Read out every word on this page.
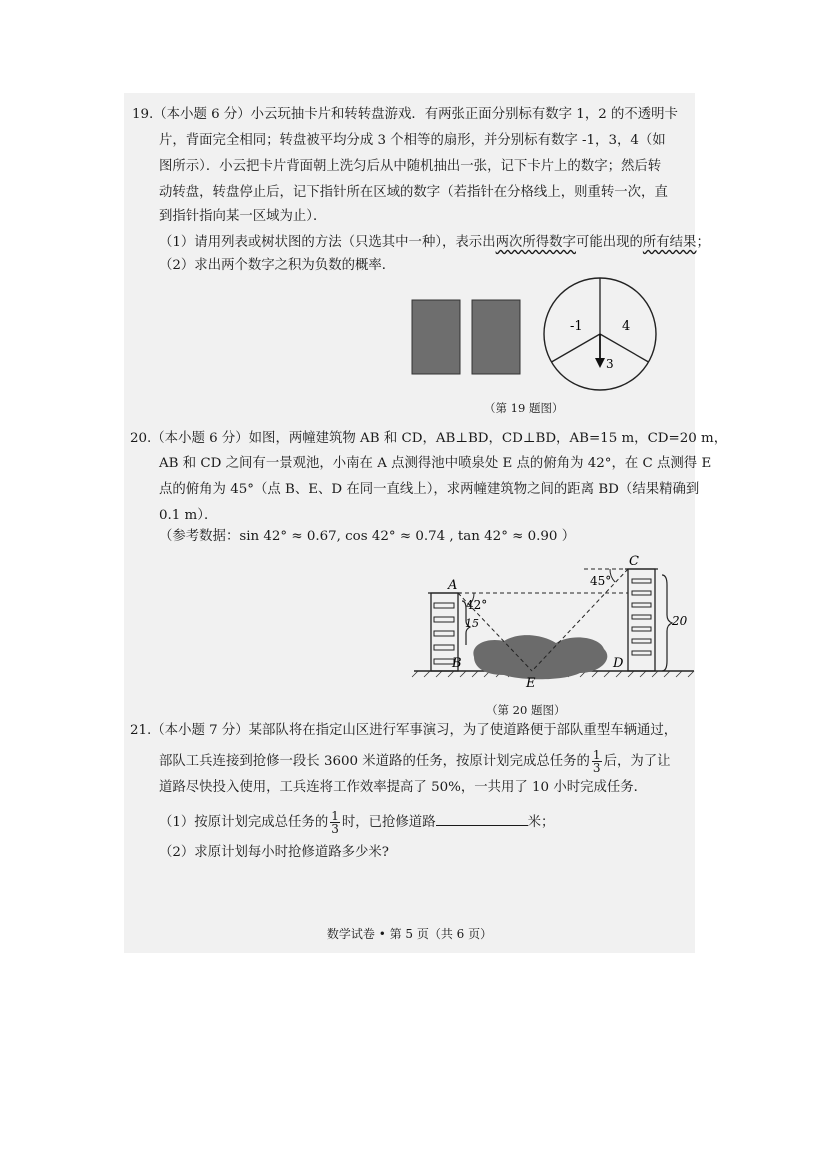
19.（本小题 6 分）小云玩抽卡片和转转盘游戏．有两张正面分别标有数字 1，2 的不透明卡
片，背面完全相同；转盘被平均分成 3 个相等的扇形，并分别标有数字 -1，3，4（如
图所示）．小云把卡片背面朝上洗匀后从中随机抽出一张，记下卡片上的数字；然后转
动转盘，转盘停止后，记下指针所在区域的数字（若指针在分格线上，则重转一次，直
到指针指向某一区域为止）．
（1）请用列表或树状图的方法（只选其中一种），表示出两次所得数字可能出现的所有结果；
（2）求出两个数字之积为负数的概率．
-1	4
3
（第 19 题图）
20.（本小题 6 分）如图，两幢建筑物 AB 和 CD，AB⊥BD，CD⊥BD，AB=15 m，CD=20 m，
AB 和 CD 之间有一景观池，小南在 A 点测得池中喷泉处 E 点的俯角为 42°，在 C 点测得 E
点的俯角为 45°（点 B、E、D 在同一直线上），求两幢建筑物之间的距离 BD（结果精确到
0.1 m）．
（参考数据：sin 42° ≈ 0.67, cos 42° ≈ 0.74 , tan 42° ≈ 0.90 ）
A
B
C
D
E
42°
45°
15	20
（第 20 题图）
21.（本小题 7 分）某部队将在指定山区进行军事演习，为了使道路便于部队重型车辆通过，
部队工兵连接到抢修一段长 3600 米道路的任务，按原计划完成总任务的 $\frac{1}{3}$ 后，为了让
道路尽快投入使用，工兵连将工作效率提高了 50%，一共用了 10 小时完成任务．
（1）按原计划完成总任务的 $\frac{1}{3}$ 时，已抢修道路	米；
（2）求原计划每小时抢修道路多少米?
数学试卷 • 第 5 页（共 6 页）
